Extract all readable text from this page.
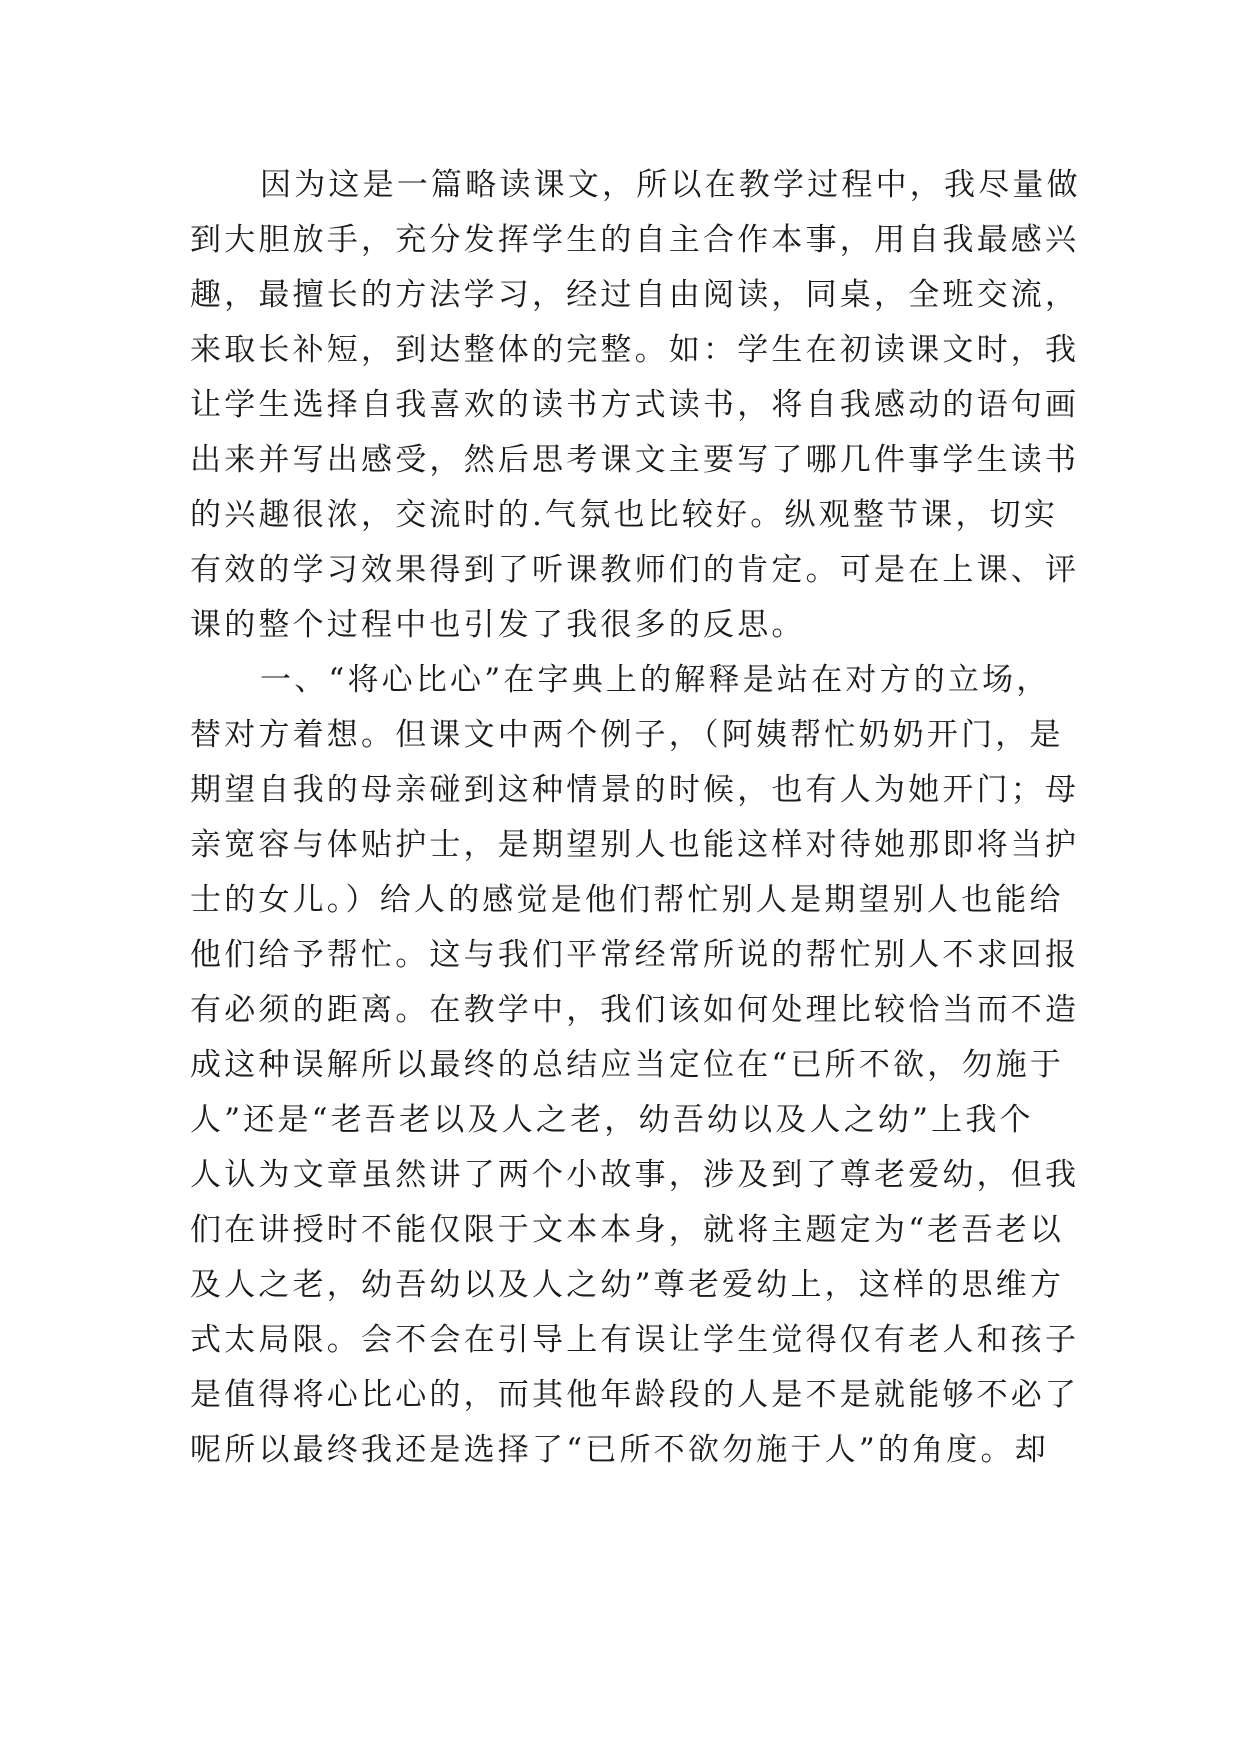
因为这是一篇略读课文，所以在教学过程中，我尽量做
到大胆放手，充分发挥学生的自主合作本事，用自我最感兴
趣，最擅长的方法学习，经过自由阅读，同桌，全班交流，
来取长补短，到达整体的完整。如：学生在初读课文时，我
让学生选择自我喜欢的读书方式读书，将自我感动的语句画
出来并写出感受，然后思考课文主要写了哪几件事学生读书
的兴趣很浓，交流时的.气氛也比较好。纵观整节课，切实
有效的学习效果得到了听课教师们的肯定。可是在上课、评
课的整个过程中也引发了我很多的反思。
一、“将心比心”在字典上的解释是站在对方的立场，
替对方着想。但课文中两个例子，（阿姨帮忙奶奶开门，是
期望自我的母亲碰到这种情景的时候，也有人为她开门；母
亲宽容与体贴护士，是期望别人也能这样对待她那即将当护
士的女儿。）给人的感觉是他们帮忙别人是期望别人也能给
他们给予帮忙。这与我们平常经常所说的帮忙别人不求回报
有必须的距离。在教学中，我们该如何处理比较恰当而不造
成这种误解所以最终的总结应当定位在“已所不欲，勿施于
人”还是“老吾老以及人之老，幼吾幼以及人之幼”上我个
人认为文章虽然讲了两个小故事，涉及到了尊老爱幼，但我
们在讲授时不能仅限于文本本身，就将主题定为“老吾老以
及人之老，幼吾幼以及人之幼”尊老爱幼上，这样的思维方
式太局限。会不会在引导上有误让学生觉得仅有老人和孩子
是值得将心比心的，而其他年龄段的人是不是就能够不必了
呢所以最终我还是选择了“已所不欲勿施于人”的角度。却
